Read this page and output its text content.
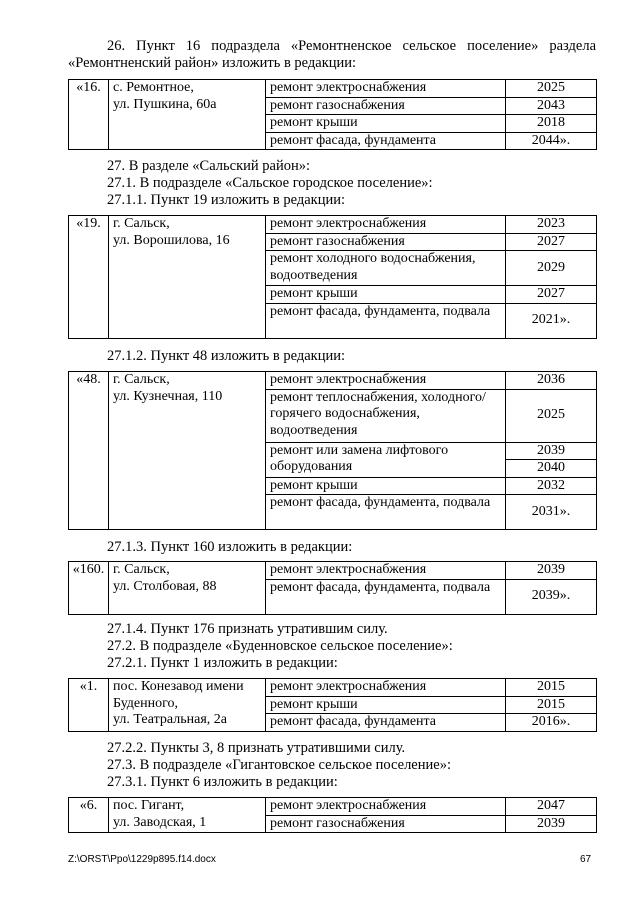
26. Пункт 16 подраздела «Ремонтненское сельское поселение» раздела «Ремонтненский район» изложить в редакции:
«16.	с. Ремонтное,
ул. Пушкина, 60а	ремонт электроснабжения	2025
		ремонт газоснабжения	2043
		ремонт крыши	2018
		ремонт фасада, фундамента	2044».
27. В разделе «Сальский район»:
27.1. В подразделе «Сальское городское поселение»:
27.1.1. Пункт 19 изложить в редакции:
«19.	г. Сальск,
ул. Ворошилова, 16	ремонт электроснабжения	2023
		ремонт газоснабжения	2027
		ремонт холодного водоснабжения, водоотведения	2029
		ремонт крыши	2027
		ремонт фасада, фундамента, подвала	2021».
27.1.2. Пункт 48 изложить в редакции:
«48.	г. Сальск,
ул. Кузнечная, 110	ремонт электроснабжения	2036
		ремонт теплоснабжения, холодного/горячего водоснабжения, водоотведения	2025
		ремонт или замена лифтового оборудования	2039
			2040
		ремонт крыши	2032
		ремонт фасада, фундамента, подвала	2031».
27.1.3. Пункт 160 изложить в редакции:
«160.	г. Сальск,
ул. Столбовая, 88	ремонт электроснабжения	2039
		ремонт фасада, фундамента, подвала	2039».
27.1.4. Пункт 176 признать утратившим силу.
27.2. В подразделе «Буденновское сельское поселение»:
27.2.1. Пункт 1 изложить в редакции:
«1.	пос. Конезавод имени
Буденного,
ул. Театральная, 2а	ремонт электроснабжения	2015
		ремонт крыши	2015
		ремонт фасада, фундамента	2016».
27.2.2. Пункты 3, 8 признать утратившими силу.
27.3. В подразделе «Гигантовское сельское поселение»:
27.3.1. Пункт 6 изложить в редакции:
«6.	пос. Гигант,
ул. Заводская, 1	ремонт электроснабжения	2047
		ремонт газоснабжения	2039
Z:\ORST\Ppo\1229p895.f14.docx	67
